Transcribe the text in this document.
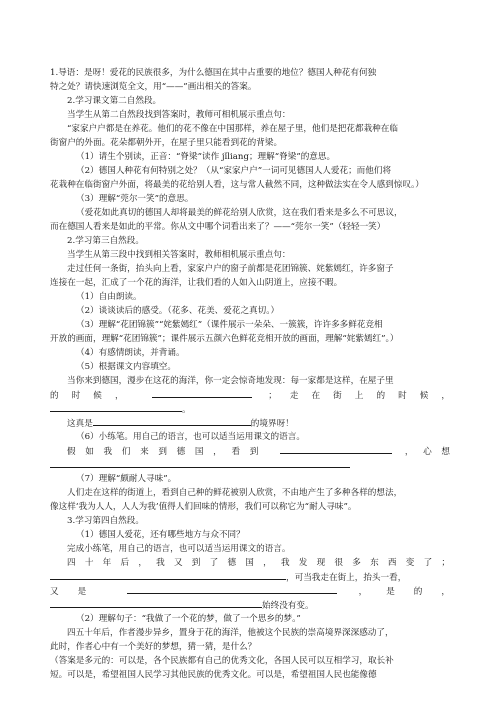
1.导语：是呀！爱花的民族很多，为什么德国在其中占重要的地位？德国人种花有何独
特之处？请快速浏览全文，用“——”画出相关的答案。
2.学习课文第二自然段。
当学生从第二自然段找到答案时，教师可相机展示重点句：
“家家户户都是在养花。他们的花不像在中国那样，养在屋子里，他们是把花都栽种在临
街窗户的外面。花朵都朝外开，在屋子里只能看到花的背梁。
（1）请生个别读，正音：“脊梁”读作 jǐliang；理解“脊梁”的意思。
（2）德国人种花有何特别之处？（从“家家户户”一词可见德国人人爱花；而他们将
花栽种在临街窗户外面，将最美的花给别人看，这与常人截然不同，这种做法实在令人感到惊叹。）
（3）理解“莞尔一笑”的意思。
（爱花如此真切的德国人却将最美的鲜花给别人欣赏，这在我们看来是多么不可思议，
而在德国人看来是如此的平常。你从文中哪个词看出来了？——“莞尔一笑”（轻轻一笑）
2.学习第三自然段。
当学生从第三段中找到相关答案时，教师相机展示重点句：
走过任何一条街，抬头向上看，家家户户的窗子前都是花团锦簇、姹紫嫣红，许多窗子
连接在一起，汇成了一个花的海洋，让我们看的人如入山阴道上，应接不暇。
（1）自由朗读。
（2）谈谈读后的感受。（花多、花美、爱花之真切。）
（3）理解“花团锦簇”“姹紫嫣红”（课件展示一朵朵、一簇簇，许许多多鲜花竞相
开放的画面，理解“花团锦簇”；课件展示五颜六色鲜花竞相开放的画面，理解“姹紫嫣红”。）
（4）有感情朗读，并背诵。
（5）根据课文内容填空。
当你来到德国，漫步在这花的海洋，你一定会惊奇地发现：每一家都是这样，在屋子里
的时候，	；走在街上的时候，
。
这真是	的境界呀！
（6）小练笔。用自己的语言，也可以适当运用课文的语言。
假如我们来到德国，看到	，心想
（7）理解“颇耐人寻味”。
人们走在这样的街道上，看到自己种的鲜花被别人欣赏，不由地产生了多种各样的想法，
像这样‘我为人人，人人为我’值得人们回味的情形，我们可以称它为“耐人寻味”。
3.学习第四自然段。
（1）德国人爱花，还有哪些地方与众不同？
完成小练笔，用自己的语言，也可以适当运用课文的语言。
四十年后，我又到了德国，我发现很多东西变了；
，可当我走在街上，抬头一看，
又是	，是的，
始终没有变。
（2）理解句子：“我做了一个花的梦，做了一个思乡的梦。”
四五十年后，作者漫步异乡，置身于花的海洋，他被这个民族的崇高境界深深感动了，
此时，作者心中有一个美好的梦想，猜一猜，是什么？
（答案是多元的：可以是，各个民族都有自己的优秀文化，各国人民可以互相学习，取长补
短。可以是，希望祖国人民学习其他民族的优秀文化。可以是，希望祖国人民也能像德
